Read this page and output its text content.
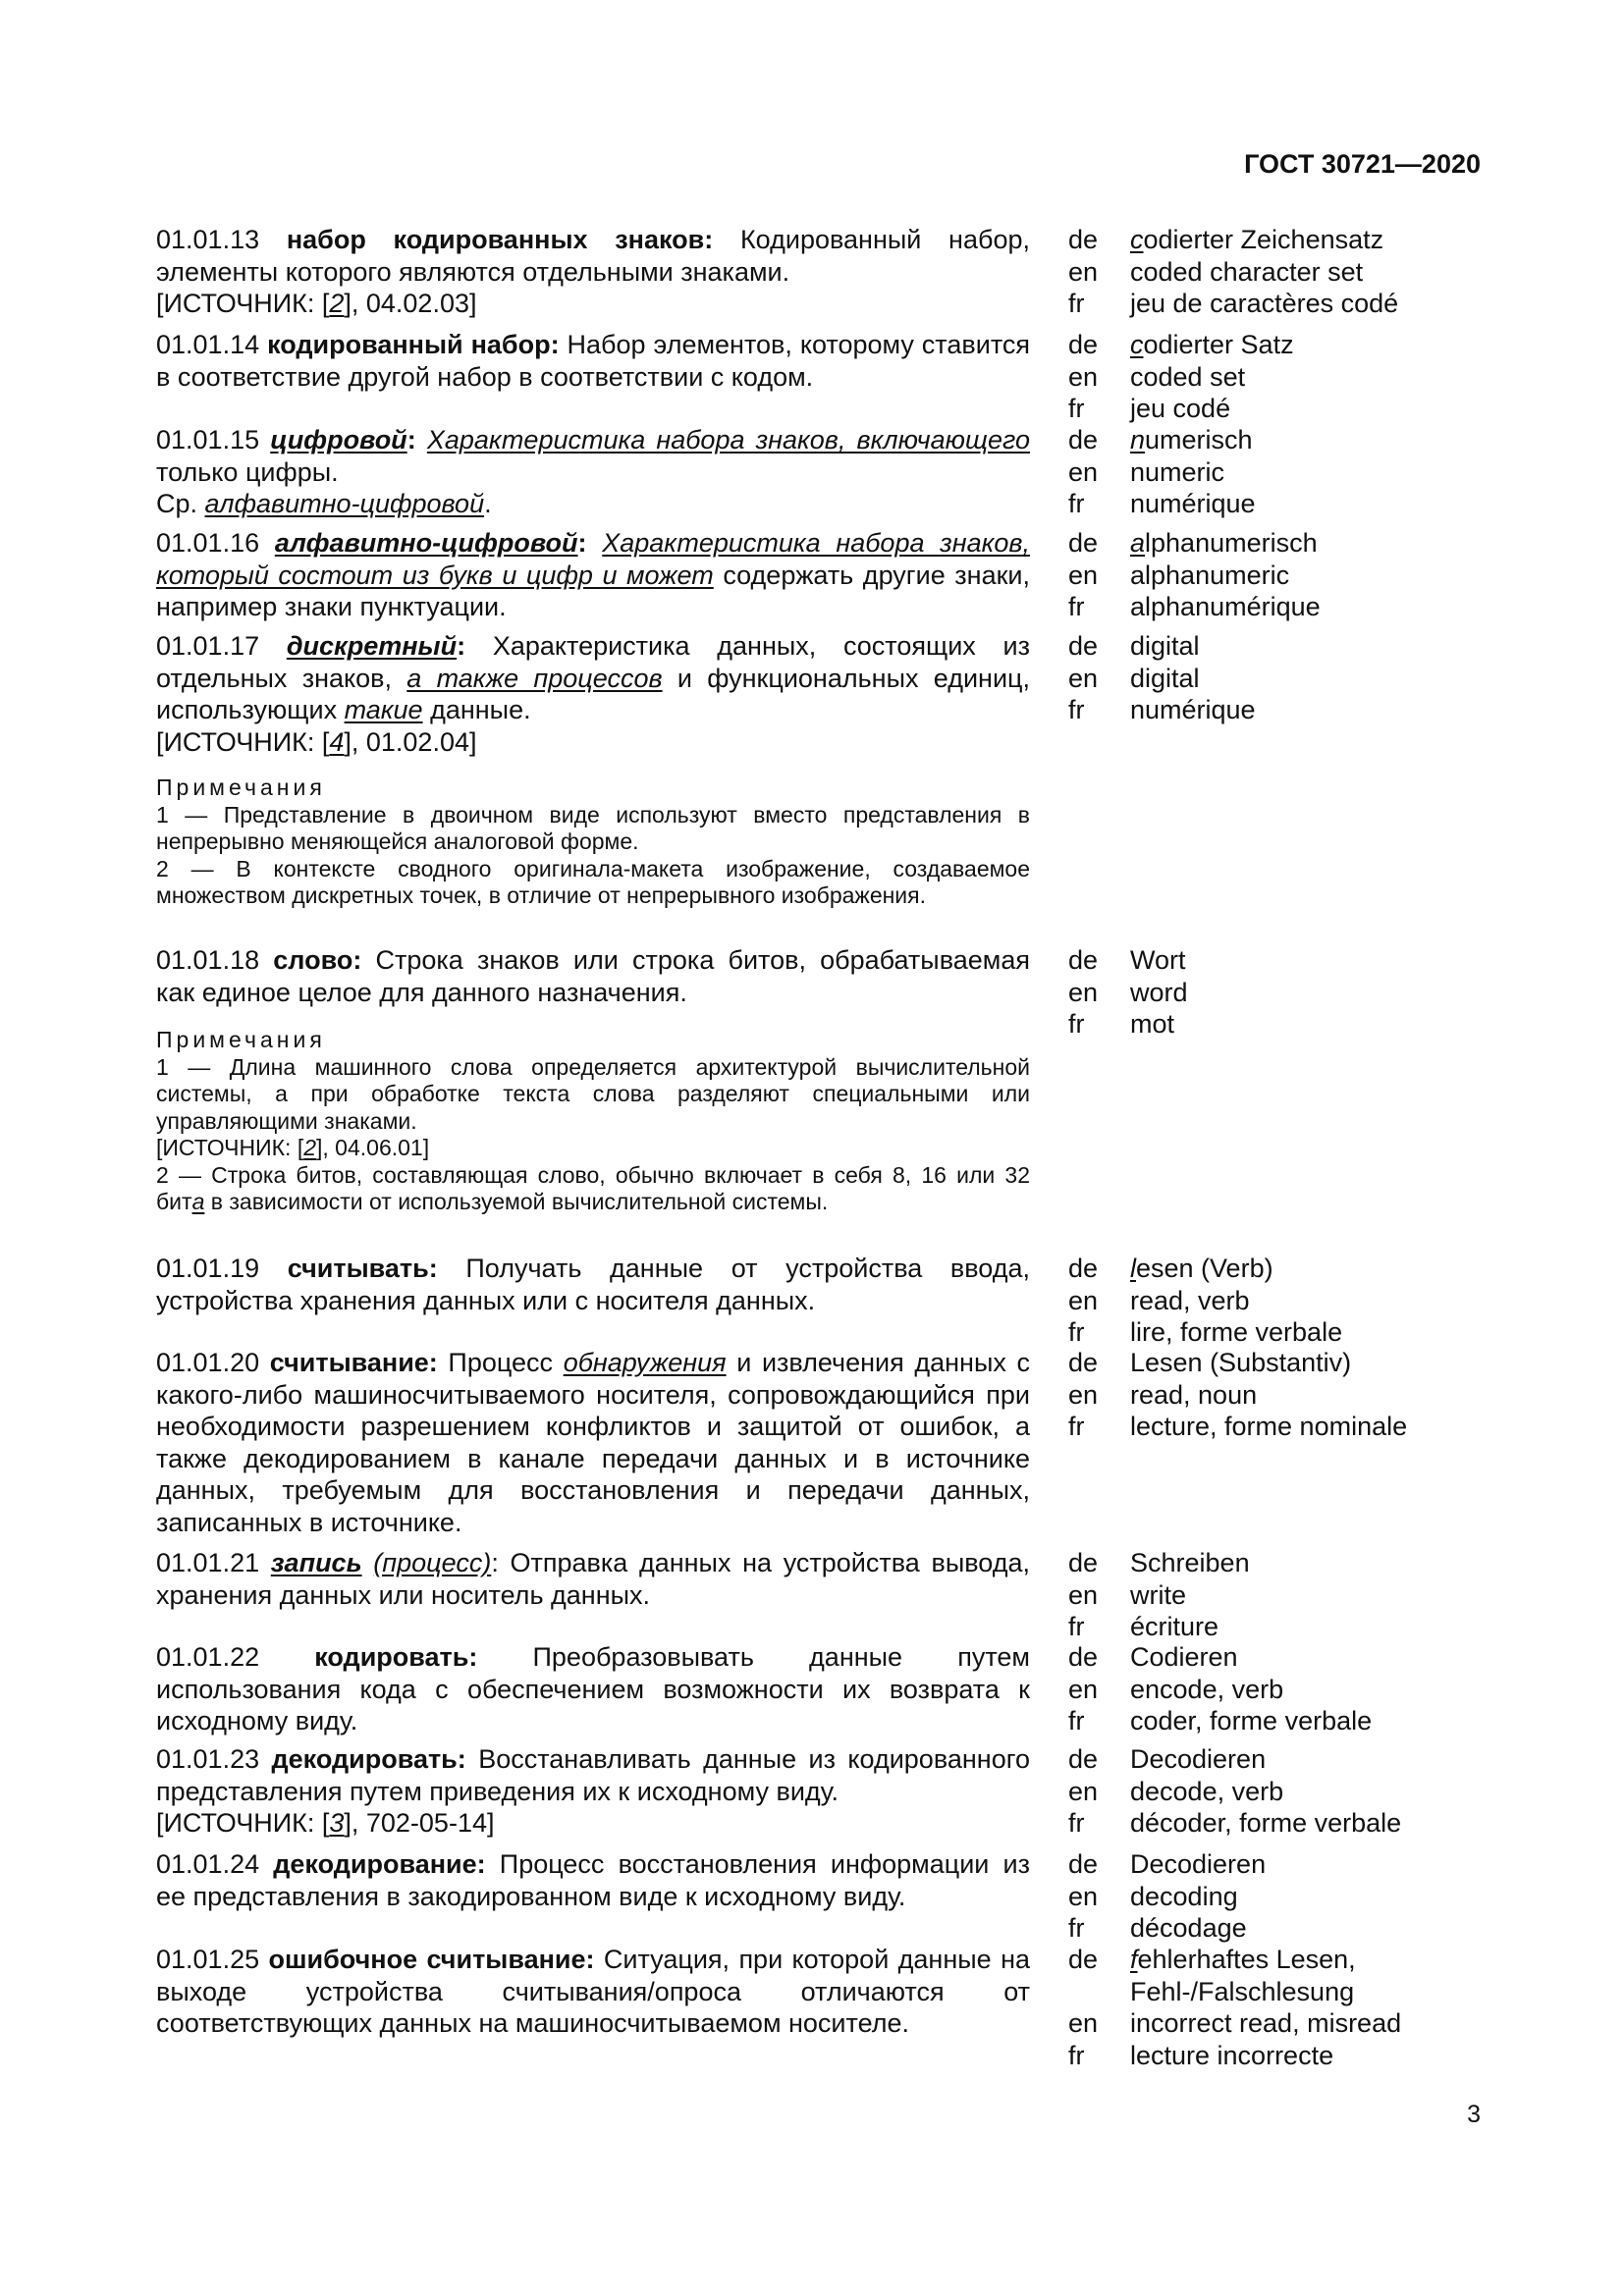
ГОСТ 30721—2020
01.01.13 набор кодированных знаков: Кодированный набор, элементы которого являются отдельными знаками.
[ИСТОЧНИК: [2], 04.02.03]
de	codierter Zeichensatz
en	coded character set
fr	jeu de caractères codé
01.01.14 кодированный набор: Набор элементов, которому ставится в соответствие другой набор в соответствии с кодом.
de	codierter Satz
en	coded set
fr	jeu codé
01.01.15 цифровой: Характеристика набора знаков, включающего только цифры.
Ср. алфавитно-цифровой.
de	numerisch
en	numeric
fr	numérique
01.01.16 алфавитно-цифровой: Характеристика набора знаков, который состоит из букв и цифр и может содержать другие знаки, например знаки пунктуации.
de	alphanumerisch
en	alphanumeric
fr	alphanumérique
01.01.17 дискретный: Характеристика данных, состоящих из отдельных знаков, а также процессов и функциональных единиц, использующих такие данные.
[ИСТОЧНИК: [4], 01.02.04]
de	digital
en	digital
fr	numérique
Примечания
1 — Представление в двоичном виде используют вместо представления в непрерывно меняющейся аналоговой форме.
2 — В контексте сводного оригинала-макета изображение, создаваемое множеством дискретных точек, в отличие от непрерывного изображения.
01.01.18 слово: Строка знаков или строка битов, обрабатываемая как единое целое для данного назначения.
de	Wort
en	word
fr	mot
Примечания
1 — Длина машинного слова определяется архитектурой вычислительной системы, а при обработке текста слова разделяют специальными или управляющими знаками.
[ИСТОЧНИК: [2], 04.06.01]
2 — Строка битов, составляющая слово, обычно включает в себя 8, 16 или 32 бита в зависимости от используемой вычислительной системы.
01.01.19 считывать: Получать данные от устройства ввода, устройства хранения данных или с носителя данных.
de	lesen (Verb)
en	read, verb
fr	lire, forme verbale
01.01.20 считывание: Процесс обнаружения и извлечения данных с какого-либо машиносчитываемого носителя, сопровождающийся при необходимости разрешением конфликтов и защитой от ошибок, а также декодированием в канале передачи данных и в источнике данных, требуемым для восстановления и передачи данных, записанных в источнике.
de	Lesen (Substantiv)
en	read, noun
fr	lecture, forme nominale
01.01.21 запись (процесс): Отправка данных на устройства вывода, хранения данных или носитель данных.
de	Schreiben
en	write
fr	écriture
01.01.22 кодировать: Преобразовывать данные путем использования кода с обеспечением возможности их возврата к исходному виду.
de	Codieren
en	encode, verb
fr	coder, forme verbale
01.01.23 декодировать: Восстанавливать данные из кодированного представления путем приведения их к исходному виду.
[ИСТОЧНИК: [3], 702-05-14]
de	Decodieren
en	decode, verb
fr	décoder, forme verbale
01.01.24 декодирование: Процесс восстановления информации из ее представления в закодированном виде к исходному виду.
de	Decodieren
en	decoding
fr	décodage
01.01.25 ошибочное считывание: Ситуация, при которой данные на выходе устройства считывания/опроса отличаются от соответствующих данных на машиносчитываемом носителе.
de	fehlerhaftes Lesen,
Fehl-/Falschlesung
en	incorrect read, misread
fr	lecture incorrecte
3
